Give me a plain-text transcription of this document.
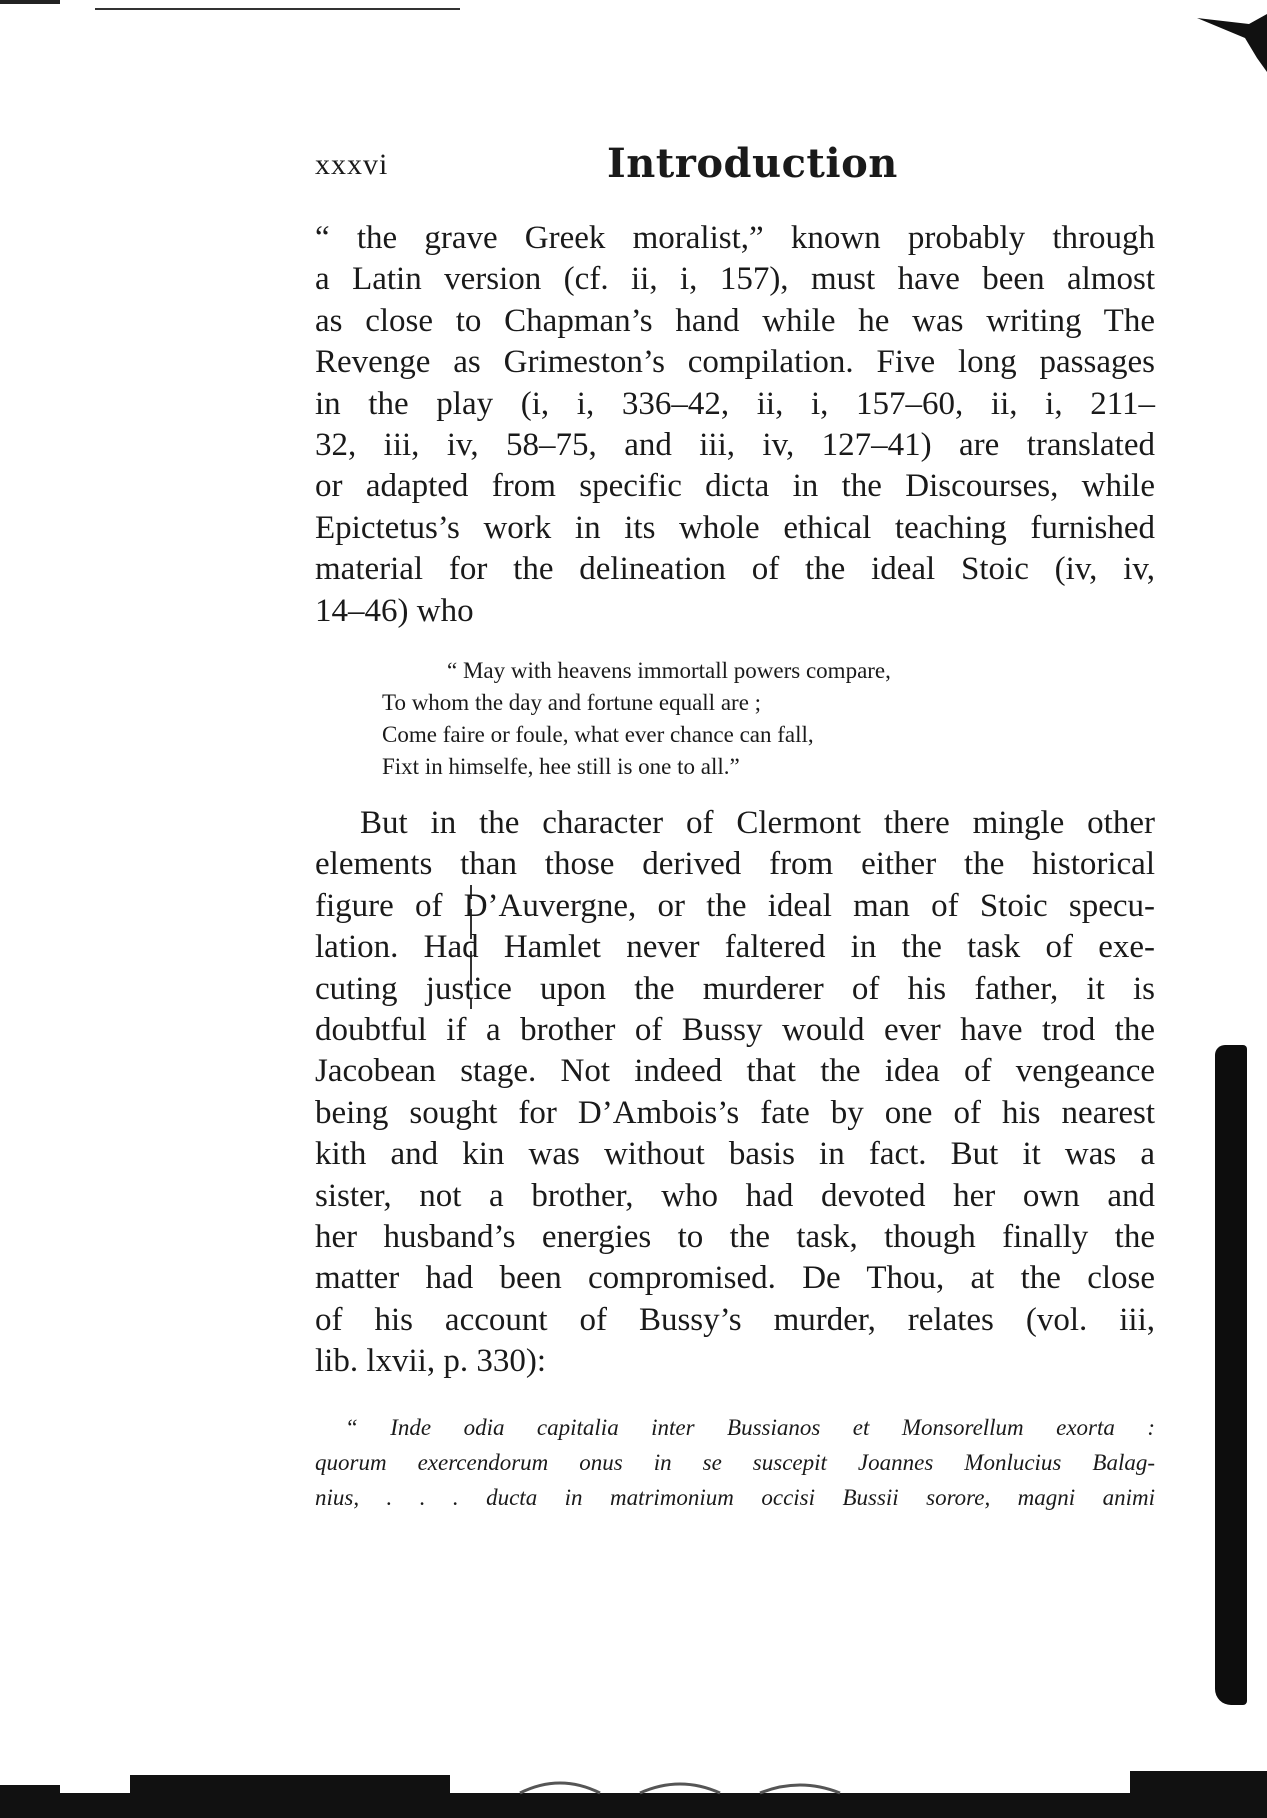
xxxvi	Introduction
“ the grave Greek moralist,” known probably through
a Latin version (cf. ii, i, 157), must have been almost
as close to Chapman’s hand while he was writing The
Revenge as Grimeston’s compilation. Five long passages
in the play (i, i, 336–42, ii, i, 157–60, ii, i, 211–
32, iii, iv, 58–75, and iii, iv, 127–41) are translated
or adapted from specific dicta in the Discourses, while
Epictetus’s work in its whole ethical teaching furnished
material for the delineation of the ideal Stoic (iv, iv,
14–46) who
“ May with heavens immortall powers compare,
To whom the day and fortune equall are ;
Come faire or foule, what ever chance can fall,
Fixt in himselfe, hee still is one to all.”
But in the character of Clermont there mingle other
elements than those derived from either the historical
figure of D’Auvergne, or the ideal man of Stoic specu-
lation. Had Hamlet never faltered in the task of exe-
cuting justice upon the murderer of his father, it is
doubtful if a brother of Bussy would ever have trod the
Jacobean stage. Not indeed that the idea of vengeance
being sought for D’Ambois’s fate by one of his nearest
kith and kin was without basis in fact. But it was a
sister, not a brother, who had devoted her own and
her husband’s energies to the task, though finally the
matter had been compromised. De Thou, at the close
of his account of Bussy’s murder, relates (vol. iii,
lib. lxvii, p. 330):
“ Inde odia capitalia inter Bussianos et Monsorellum exorta :
quorum exercendorum onus in se suscepit Joannes Monlucius Balag-
nius, . . . ducta in matrimonium occisi Bussii sorore, magni animi
